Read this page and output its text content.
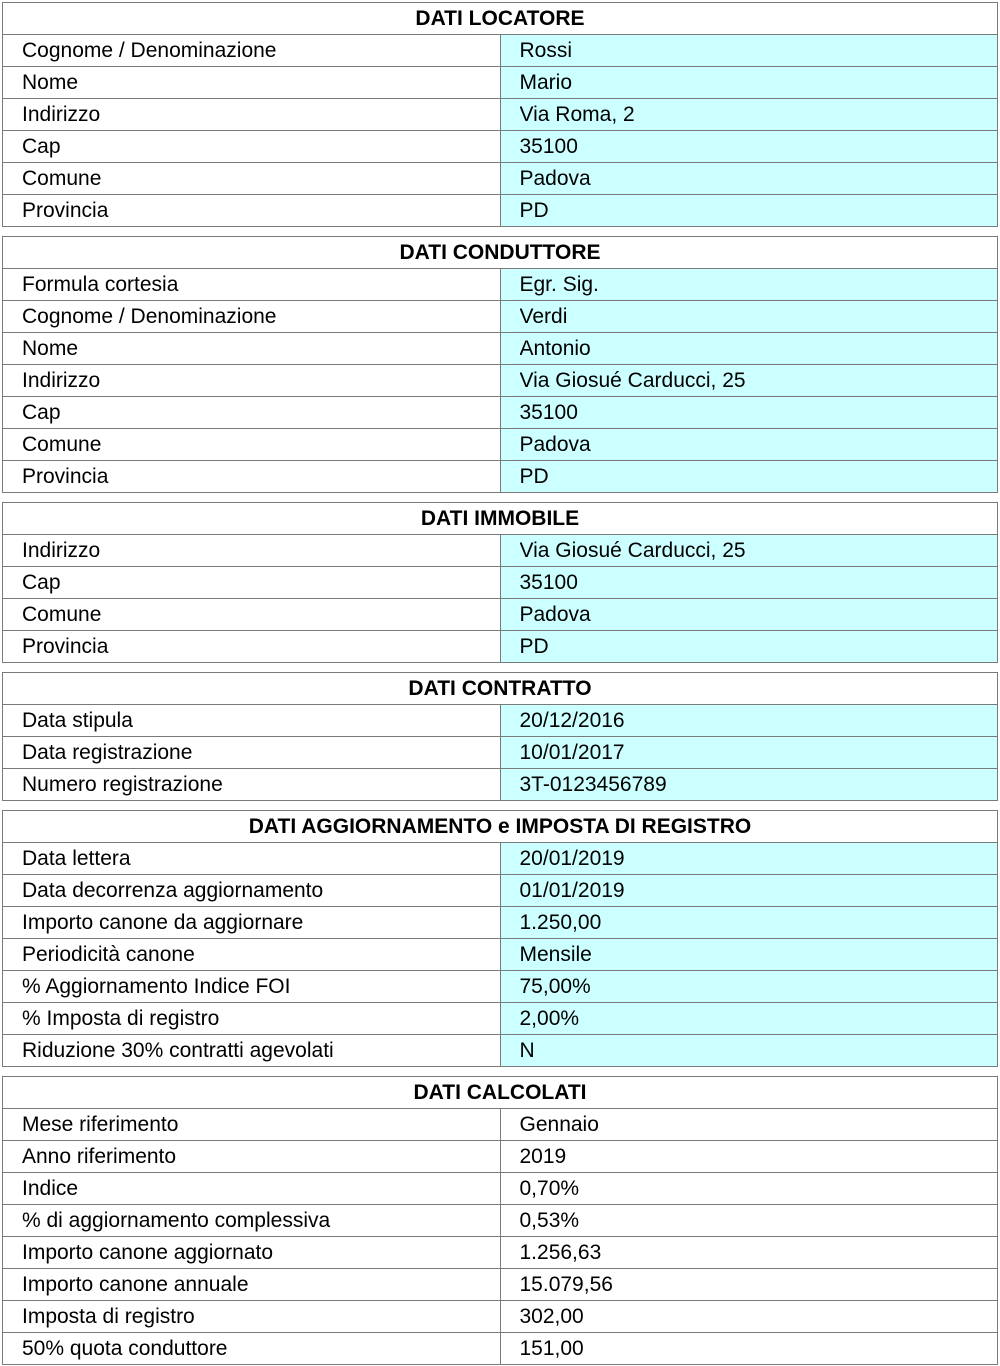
DATI LOCATORE	
Cognome / Denominazione	Rossi
Nome	Mario
Indirizzo	Via Roma, 2
Cap	35100
Comune	Padova
Provincia	PD
DATI CONDUTTORE	
Formula cortesia	Egr. Sig.
Cognome / Denominazione	Verdi
Nome	Antonio
Indirizzo	Via Giosué Carducci, 25
Cap	35100
Comune	Padova
Provincia	PD
DATI IMMOBILE	
Indirizzo	Via Giosué Carducci, 25
Cap	35100
Comune	Padova
Provincia	PD
DATI CONTRATTO	
Data stipula	20/12/2016
Data registrazione	10/01/2017
Numero registrazione	3T-0123456789
DATI AGGIORNAMENTO e IMPOSTA DI REGISTRO	
Data lettera	20/01/2019
Data decorrenza aggiornamento	01/01/2019
Importo canone da aggiornare	1.250,00
Periodicità canone	Mensile
% Aggiornamento Indice FOI	75,00%
% Imposta di registro	2,00%
Riduzione 30% contratti agevolati	N
DATI CALCOLATI	
Mese riferimento	Gennaio
Anno riferimento	2019
Indice	0,70%
% di aggiornamento complessiva	0,53%
Importo canone aggiornato	1.256,63
Importo canone annuale	15.079,56
Imposta di registro	302,00
50% quota conduttore	151,00
